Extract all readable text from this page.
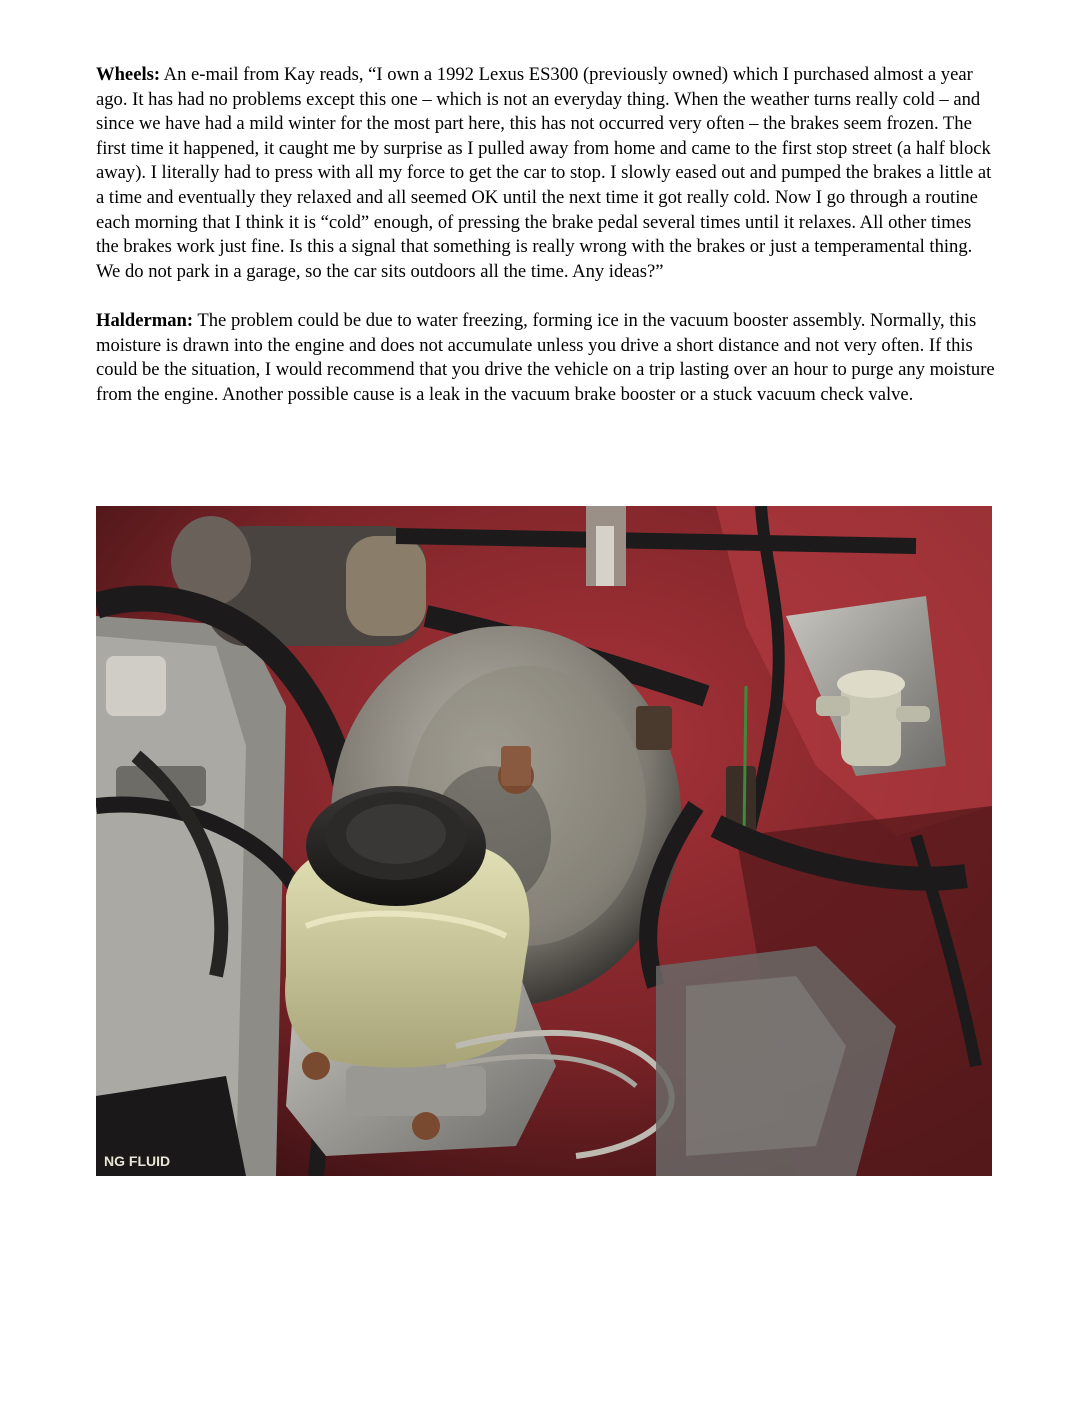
Wheels: An e-mail from Kay reads, “I own a 1992 Lexus ES300 (previously owned) which I purchased almost a year ago. It has had no problems except this one – which is not an everyday thing. When the weather turns really cold – and since we have had a mild winter for the most part here, this has not occurred very often – the brakes seem frozen. The first time it happened, it caught me by surprise as I pulled away from home and came to the first stop street (a half block away). I literally had to press with all my force to get the car to stop. I slowly eased out and pumped the brakes a little at a time and eventually they relaxed and all seemed OK until the next time it got really cold. Now I go through a routine each morning that I think it is “cold” enough, of pressing the brake pedal several times until it relaxes. All other times the brakes work just fine. Is this a signal that something is really wrong with the brakes or just a temperamental thing. We do not park in a garage, so the car sits outdoors all the time. Any ideas?”

Halderman: The problem could be due to water freezing, forming ice in the vacuum booster assembly. Normally, this moisture is drawn into the engine and does not accumulate unless you drive a short distance and not very often. If this could be the situation, I would recommend that you drive the vehicle on a trip lasting over an hour to purge any moisture from the engine. Another possible cause is a leak in the vacuum brake booster or a stuck vacuum check valve.

NG FLUID
